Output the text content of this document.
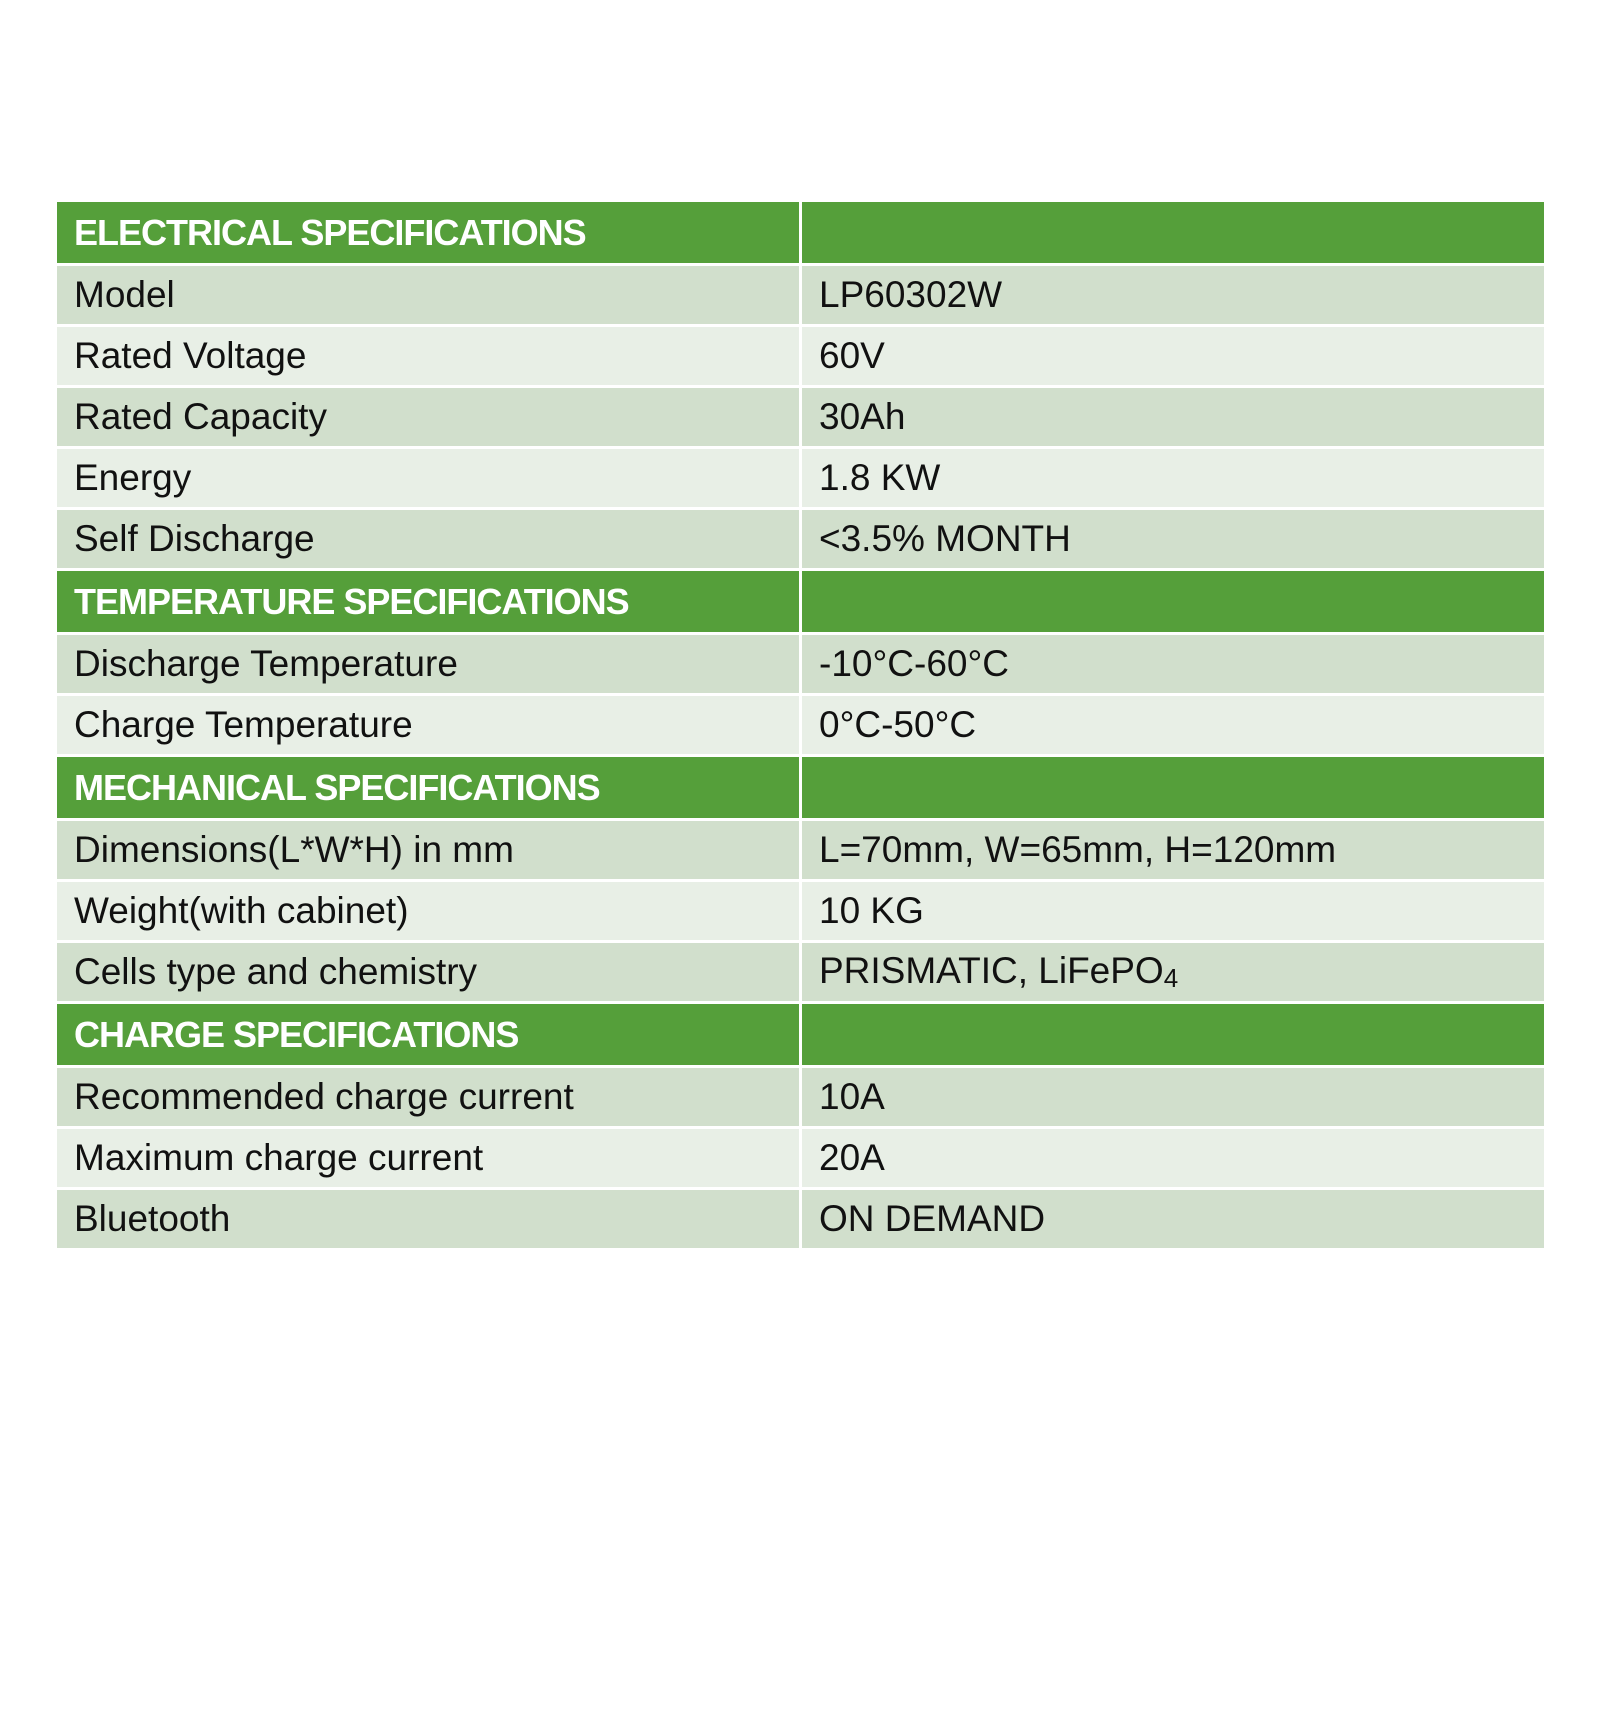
ELECTRICAL SPECIFICATIONS	
Model	LP60302W
Rated Voltage	60V
Rated Capacity	30Ah
Energy	1.8 KW
Self Discharge	<3.5% MONTH
TEMPERATURE SPECIFICATIONS	
Discharge Temperature	-10°C-60°C
Charge Temperature	0°C-50°C
MECHANICAL SPECIFICATIONS	
Dimensions(L*W*H) in mm	L=70mm, W=65mm, H=120mm
Weight(with cabinet)	10 KG
Cells type and chemistry	PRISMATIC, LiFePO4
CHARGE SPECIFICATIONS	
Recommended charge current	10A
Maximum charge current	20A
Bluetooth	ON DEMAND
